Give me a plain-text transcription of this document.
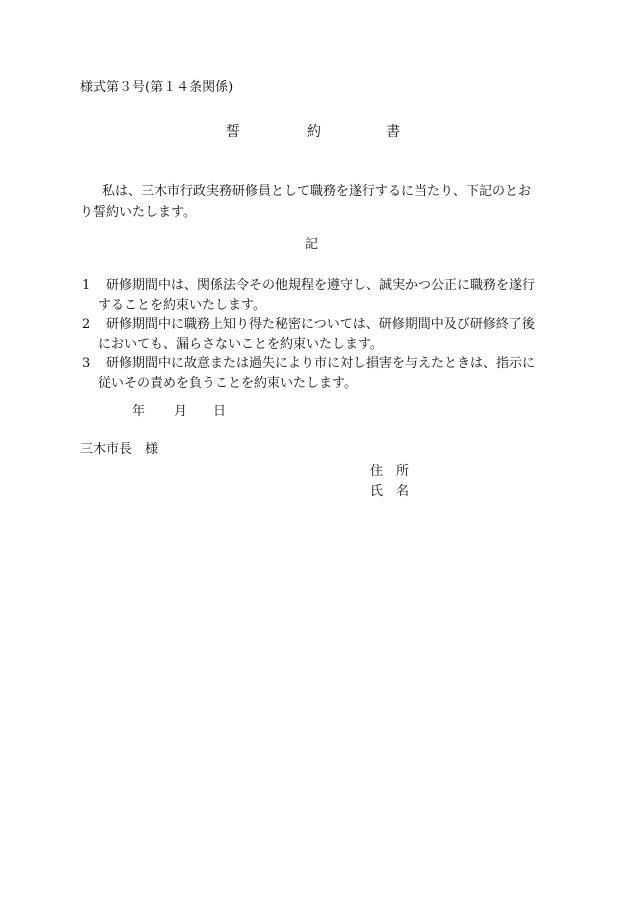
様式第３号(第１４条関係)
誓	約	書

私は、三木市行政実務研修員として職務を遂行するに当たり、下記のとお

り誓約いたします。

記
1	研修期間中は、関係法令その他規程を遵守し、誠実かつ公正に職務を遂行

することを約束いたします。

2	研修期間中に職務上知り得た秘密については、研修期間中及び研修終了後

においても、漏らさないことを約束いたします。

3	研修期間中に故意または過失により市に対し損害を与えたときは、指示に

従いその責めを負うことを約束いたします。

年 月 日
三木市長　様
住　所
氏　名
